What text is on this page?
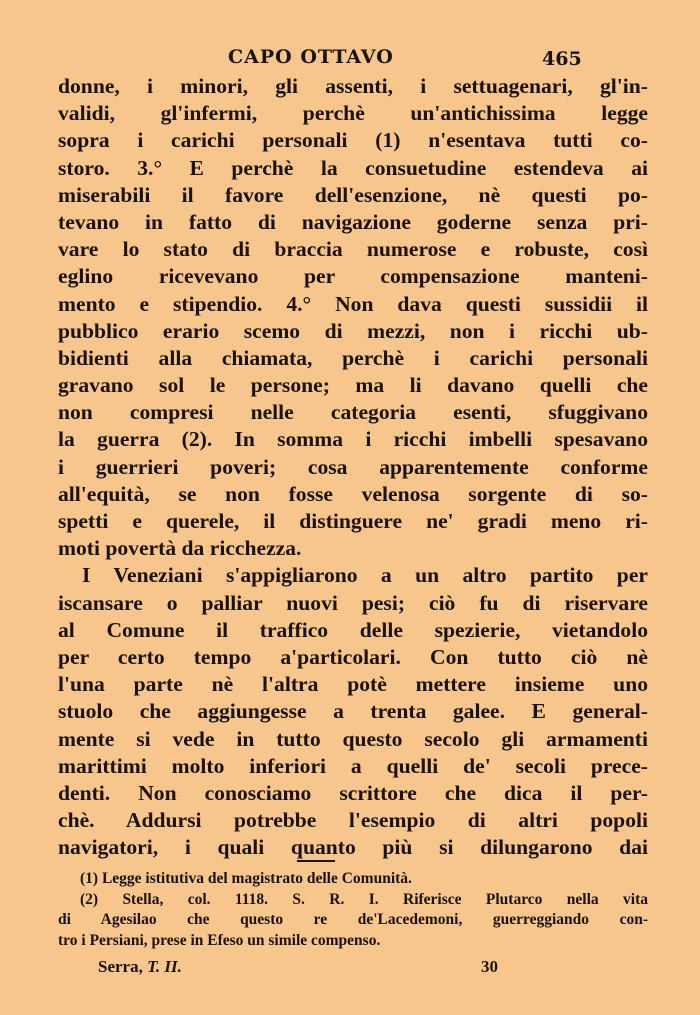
CAPO OTTAVO	465
donne, i minori, gli assenti, i settuagenari, gl'in-
validi, gl'infermi, perchè un'antichissima legge
sopra i carichi personali (1) n'esentava tutti co-
storo. 3.° E perchè la consuetudine estendeva ai
miserabili il favore dell'esenzione, nè questi po-
tevano in fatto di navigazione goderne senza pri-
vare lo stato di braccia numerose e robuste, così
eglino ricevevano per compensazione manteni-
mento e stipendio. 4.° Non dava questi sussidii il
pubblico erario scemo di mezzi, non i ricchi ub-
bidienti alla chiamata, perchè i carichi personali
gravano sol le persone; ma li davano quelli che
non compresi nelle categoria esenti, sfuggivano
la guerra (2). In somma i ricchi imbelli spesavano
i guerrieri poveri; cosa apparentemente conforme
all'equità, se non fosse velenosa sorgente di so-
spetti e querele, il distinguere ne' gradi meno ri-
moti povertà da ricchezza.
I Veneziani s'appigliarono a un altro partito per
iscansare o palliar nuovi pesi; ciò fu di riservare
al Comune il traffico delle spezierie, vietandolo
per certo tempo a'particolari. Con tutto ciò nè
l'una parte nè l'altra potè mettere insieme uno
stuolo che aggiungesse a trenta galee. E general-
mente si vede in tutto questo secolo gli armamenti
marittimi molto inferiori a quelli de' secoli prece-
denti. Non conosciamo scrittore che dica il per-
chè. Addursi potrebbe l'esempio di altri popoli
navigatori, i quali quanto più si dilungarono dai
(1) Legge istitutiva del magistrato delle Comunità.
(2) Stella, col. 1118. S. R. I. Riferisce Plutarco nella vita
di Agesilao che questo re de'Lacedemoni, guerreggiando con-
tro i Persiani, prese in Efeso un simile compenso.
Serra, T. II.	30
